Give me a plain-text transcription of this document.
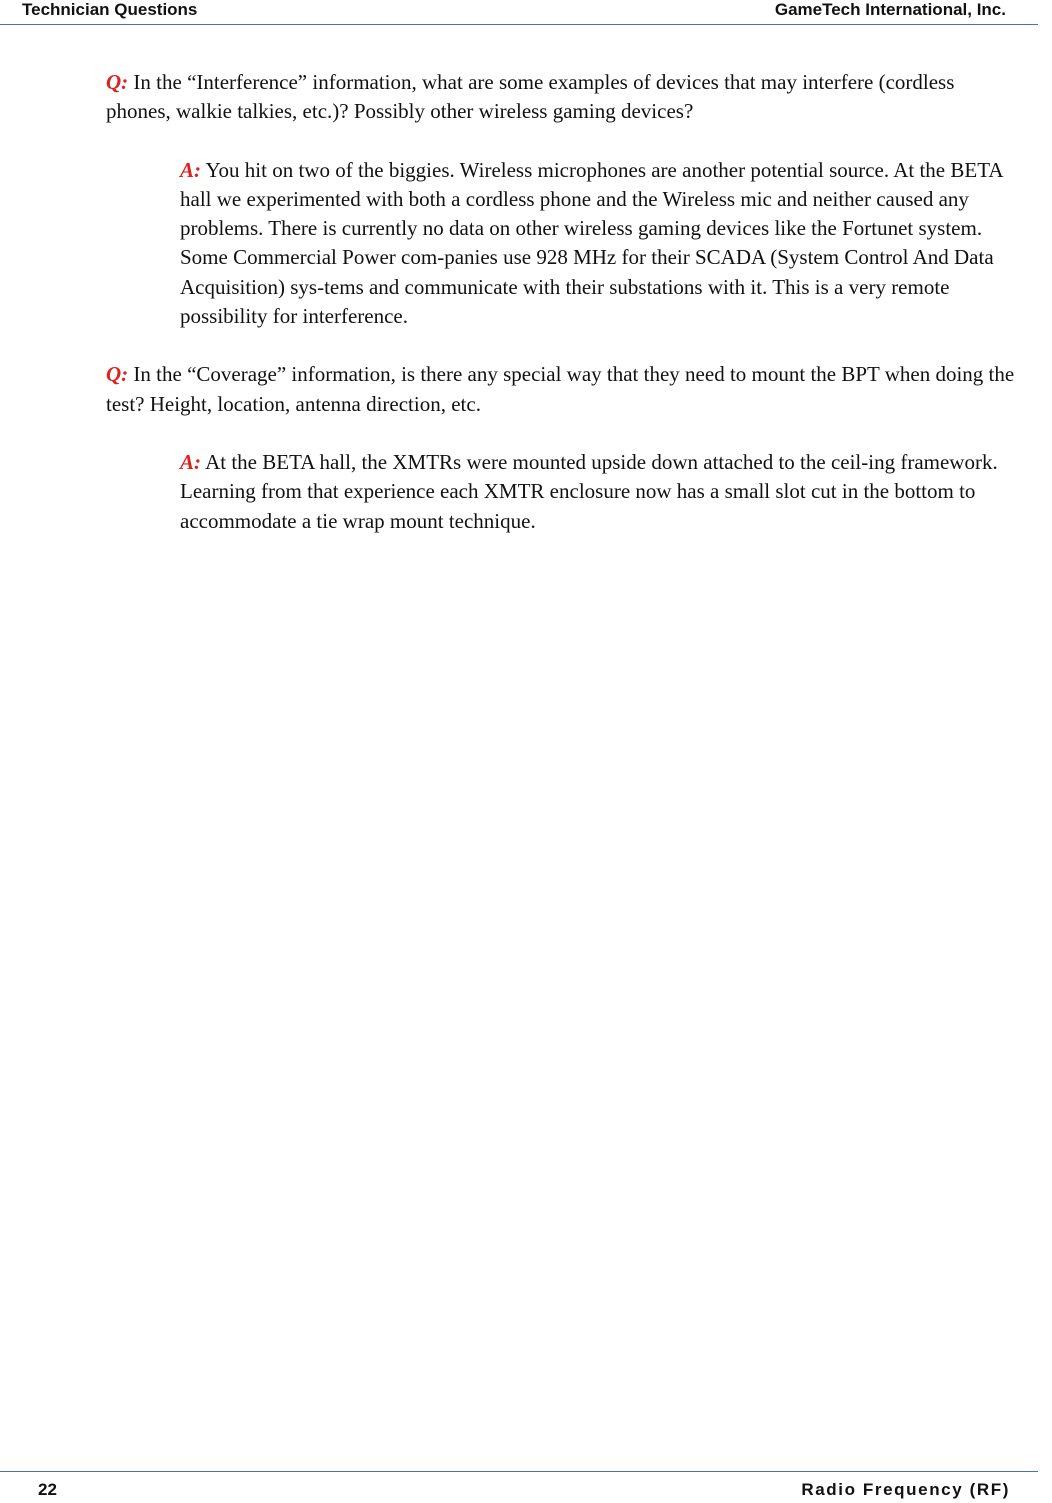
Technician Questions	GameTech International, Inc.

Q: In the “Interference” information, what are some examples of devices that may interfere (cordless phones, walkie talkies, etc.)? Possibly other wireless gaming devices?

A: You hit on two of the biggies. Wireless microphones are another potential source. At the BETA hall we experimented with both a cordless phone and the Wireless mic and neither caused any problems. There is currently no data on other wireless gaming devices like the Fortunet system. Some Commercial Power com-panies use 928 MHz for their SCADA (System Control And Data Acquisition) sys-tems and communicate with their substations with it. This is a very remote possibility for interference.

Q: In the “Coverage” information, is there any special way that they need to mount the BPT when doing the test? Height, location, antenna direction, etc.

A: At the BETA hall, the XMTRs were mounted upside down attached to the ceil-ing framework. Learning from that experience each XMTR enclosure now has a small slot cut in the bottom to accommodate a tie wrap mount technique.

22	Radio Frequency (RF)
